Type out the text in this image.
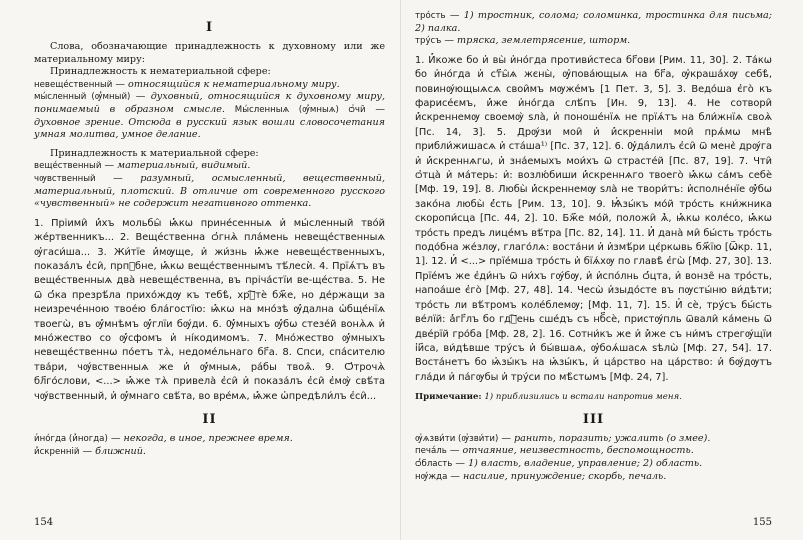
I

Слова, обозначающие принадлежность к духовному или же материальному миру:

Принадлежность к нематериальной сфере:

невеще́ственный — относящийся к нематериальному миру.

мы́сленный (ѹ҆́мный) — духовный, относящийся к духовному миру, понимаемый в образном смысле. Мы́сленныѧ (ѹ҆́мныѧ) ѻ҆чи̑ — духовное зрение. Отсюда в русский язык вошли словосочетания умная молитва, умное делание.

Принадлежность к материальной сфере:

веще́ственный — материальный, видимый.

чѹвственный — разумный, осмысленный, вещественный, материальный, плотский. В отличие от современного русского «чувственный» не содержит негативного оттенка.

1. Пріими̑ и҆́хъ мольбы̑ ѩ҆́кѡ прине́сенныѧ и҆ мы́сленный тво́й же́ртвенникъ... 2. Веще́ственна ѻ҆гнѧ̀ пла́мень невеще́ственныѧ ѹ҆гаси́ша... 3. Жи́тїе и҆́мѹще, и҆ жи́знь ѩ҆́же невеще́ственныхъ, показа́лъ є҆си̑, прпⷣбне, ѩ҆́кѡ веще́ственнымъ тѣ́лесѝ. 4. Прїѧ́тъ въ веще́ственныѧ два̀ невеще́ственна, въ пріча́стїи ве-ще́ства. 5. Не ѿ ѻ҆́ка презрѣ́ла прихо́ждѹ къ тебѣ̀, хрⷭ҇тѐ бж҃е, но де́ржащи за неизрече́нною твое́ю бла́гостїю: ѩ҆́кѡ на мно́зѣ ѹ҆́дална ѡ҆бще́нїѧ твоегѡ̀, въ ѹ҆́мнѣмъ ѹ҆́глїи бѹ́ди. 6. Ѹ҆́мныхъ ѹ҆́бѡ стезе́й вонѧ̀ѧ и҆ мно́жество со ѹ҆́сфомъ и҆ ні́кодимомъ. 7. Мно́жество ѹ҆́мныхъ невеще́ственнѡ по́етъ тѧ̀, недоме́льнаго бг҃а. 8. Спси, спа́сителю тва́ри, чѹ́вственныѧ же и҆ ѹ҆́мныѧ, ра́бы твоѧ̑. 9. Ѻ҆трочѧ̀ бл҃го́слови, <...> ѩ҆́же тѧ̀ привела̀ є҆си̑ и҆ показа́лъ є҆си̑ є҆мѹ̀ свѣ́та чѹ́вственный, и҆ ѹ҆́мнаго свѣ́та, во вре́мѧ, ѩ҆́же ѡ҆предѣли́лъ є҆си̑...

II

и҆но́гда (и҆́ногда) — некогда, в иное, прежнее время.

и҆́скренній — ближний.

154

тро́сть — 1) тростник, солома; соломинка, тростинка для письма; 2) палка.

тру́съ — тряска, землетрясение, шторм.

1. И҆́коже бо и҆ вы̀ и҆но́гда противи́стеса бг҃ови [Рим. 11, 30]. 2. Та́кѡ бо и҆но́гда и҆ ст҃ы̑ѧ жєны̀, ѹ҆пова́ющыѧ на бг҃а, ѹ҆краша́хѹ себѣ̀, повинѹ́ющыѧсѧ свои̑мъ мѹже́мъ [1 Пет. 3, 5]. 3. Ведо́ша є҆го̀ къ фарисе́ємъ, и҆́же и҆но́гда слѣ́пъ [Ин. 9, 13]. 4. Не сотвори̑ и҆́скреннемѹ своемѹ̀ ѕла̀, и҆ поноше́нїѧ не прїѧ́тъ на бли́жнїѧ своѧ̀ [Пс. 14, 3]. 5. Дрѹ́зи мои̑ и҆ и҆́скренніи мои̑ прѧ́мѡ мнѣ̀ прибли́жишасѧ и҆ ста́ша¹⁾ [Пс. 37, 12]. 6. Ѹ҆да́лилъ є҆си̑ ѿ менє̀ дрѹ́га и҆ и҆́скреннѧгѡ, и҆ зна́емыхъ мои́хъ ѿ страсте́й [Пс. 87, 19]. 7. Чти̑ ѻ҆тца̀ и҆ ма́терь: и҆: возлю́биши и҆́скреннѧго твоего̀ ѩ҆́кѡ са́мъ себѐ [Мф. 19, 19]. 8. Любы̀ и҆́скреннемѹ ѕла̀ не твори́тъ: и҆сполне́нїе ѹ҆̀бѡ зако́на любы̀ є҆́сть [Рим. 13, 10]. 9. Ѩ҆зы́къ мо́й тро́сть кни́жника скоропи́сца [Пс. 44, 2]. 10. Бж҃е мо́й, положи̑ ѧ҆̀, ѩ҆́кѡ коле́со, ѩ҆́кѡ тро́сть предъ лице́мъ вѣ́тра [Пс. 82, 14]. 11. И҆ дана̀ ми̑ бы́сть тро́сть подо́бна же́злѹ, глаго́лѧ: воста́ни и҆ и҆змѣ́ри цє́ркѡвь бж҃їю [Ѿкр. 11, 1]. 12. И҆ <...> прїе́мша тро́сть и҆ бїѧ́хѹ по главѣ̀ є҆гѡ̀ [Мф. 27, 30]. 13. Прїе́мъ же є҆ди́нъ ѿ ни́хъ гѹ́бѹ, и҆ и҆спо́лнь ѻ҆́цта, и҆ вонзе̑ на тро́сть, напоа́ше є҆го̀ [Мф. 27, 48]. 14. Чесѡ̀ и҆зыдо́сте въ пѹсты́ню ви́дѣти; тро́сть ли вѣ́тромъ коле́блемѹ; [Мф. 11, 7]. 15. И҆ сѐ, тру́съ бы́сть ве́лїй: а҆́гг҃лъ бо гдⷭ҇ень сше́дъ съ нб҃сѐ, пристѹ́пль ѿвали̑ ка́мень ѿ две́рїй гро́ба [Мф. 28, 2]. 16. Сотни́къ же и҆ и҆̀же съ ни́мъ стрегѹ́щїи і҆и҃са, ви́дѣвше тру́съ и҆ бы́вшаѧ, ѹ҆боѧ́шасѧ ѕѣлѡ̀ [Мф. 27, 54]. 17. Воста́нетъ бо ѩ҆зы́къ на ѩ҆зы́къ, и҆ ца́рство на ца́рство: и҆ бѹ́дѹтъ гла́ди и҆ па́гѹбы и҆ тру́си по мѣ̑стѡмъ [Мф. 24, 7].

Примечание: 1) приблизились и встали напротив меня.

III

ѹ҆ѧзви́ти (ѹ҆зви́ти) — ранить, поразить; ужалить (о змее).

печа́ль — отчаяние, неизвестность, беспомощность.

ѻ҆́бласть — 1) власть, владение, управление; 2) область.

нѹ́жда — насилие, принуждение; скорбь, печаль.

155
